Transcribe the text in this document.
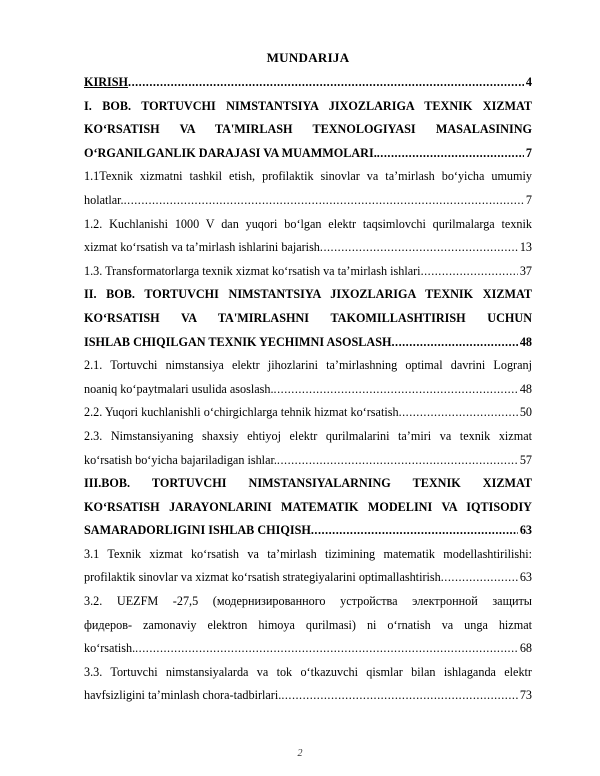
MUNDARIJA
KIRISH .....	4
I. BOB. TORTUVCHI NIMSTANTSIYA JIXOZLARIGA TEXNIK XIZMAT
KO‘RSATISH VA TA'MIRLASH TEXNOLOGIYASI MASALASINING
O‘RGANILGANLIK DARAJASI VA MUAMMOLARI. .....	7
1.1Texnik xizmatni tashkil etish, profilaktik sinovlar va ta’mirlash bo‘yicha umumiy
holatlar. .....	7
1.2. Kuchlanishi 1000 V dan yuqori bo‘lgan elektr taqsimlovchi qurilmalarga texnik
xizmat ko‘rsatish va ta’mirlash ishlarini bajarish .....	13
1.3. Transformatorlarga texnik xizmat ko‘rsatish va ta’mirlash ishlari .....	37
II. BOB. TORTUVCHI NIMSTANTSIYA JIXOZLARIGA TEXNIK XIZMAT
KO‘RSATISH VA TA'MIRLASHNI TAKOMILLASHTIRISH UCHUN
ISHLAB CHIQILGAN TEXNIK YECHIMNI ASOSLASH .....	48
2.1. Tortuvchi nimstansiya elektr jihozlarini ta’mirlashning optimal davrini Logranj
noaniq ko‘paytmalari usulida asoslash. .....	48
2.2. Yuqori kuchlanishli o‘chirgichlarga tehnik hizmat ko‘rsatish .....	50
2.3. Nimstansiyaning shaxsiy ehtiyoj elektr qurilmalarini ta’miri va texnik xizmat
ko‘rsatish bo‘yicha bajariladigan ishlar. .....	57
III.BOB. TORTUVCHI NIMSTANSIYALARNING TEXNIK XIZMAT
KO‘RSATISH JARAYONLARINI MATEMATIK MODELINI VA IQTISODIY
SAMARADORLIGINI ISHLAB CHIQISH .....	63
3.1 Texnik xizmat ko‘rsatish va ta’mirlash tizimining matematik modellashtirilishi:
profilaktik sinovlar va xizmat ko‘rsatish strategiyalarini optimallashtirish .....	63
3.2. UEZFM -27,5 (модернизированного устройства электронной защиты
фидеров- zamonaviy elektron himoya qurilmasi) ni o‘rnatish va unga hizmat
ko‘rsatish. .....	68
3.3. Tortuvchi nimstansiyalarda va tok o‘tkazuvchi qismlar bilan ishlaganda elektr
havfsizligini ta’minlash chora-tadbirlari. .....	73
2
